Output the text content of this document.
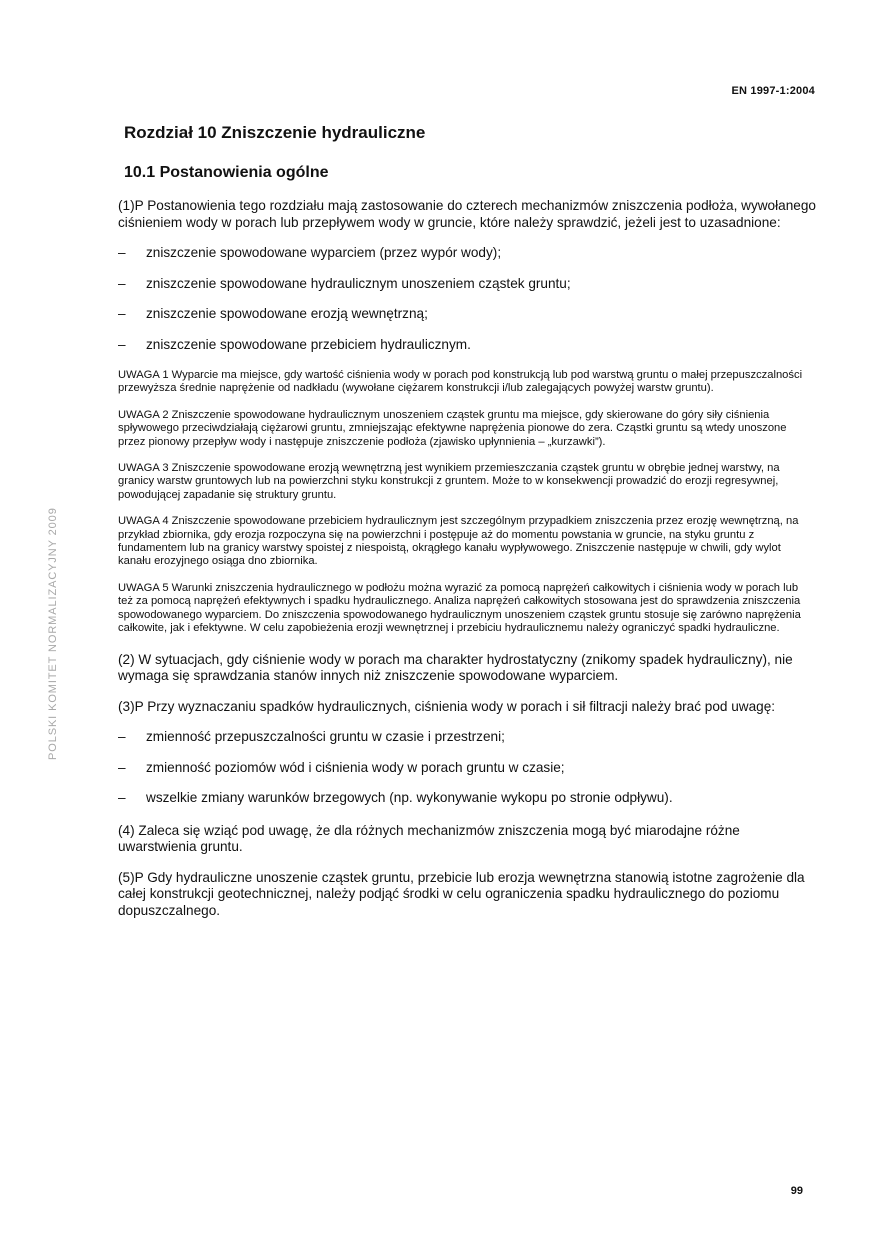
EN 1997-1:2004
POLSKI KOMITET NORMALIZACYJNY 2009
Rozdział 10 Zniszczenie hydrauliczne
10.1 Postanowienia ogólne

(1)P Postanowienia tego rozdziału mają zastosowanie do czterech mechanizmów zniszczenia podłoża, wywołanego ciśnieniem wody w porach lub przepływem wody w gruncie, które należy sprawdzić, jeżeli jest to uzasadnione:

–	zniszczenie spowodowane wyparciem (przez wypór wody);
–	zniszczenie spowodowane hydraulicznym unoszeniem cząstek gruntu;
–	zniszczenie spowodowane erozją wewnętrzną;
–	zniszczenie spowodowane przebiciem hydraulicznym.

UWAGA 1 Wyparcie ma miejsce, gdy wartość ciśnienia wody w porach pod konstrukcją lub pod warstwą gruntu o małej przepuszczalności przewyższa średnie naprężenie od nadkładu (wywołane ciężarem konstrukcji i/lub zalegających powyżej warstw gruntu).

UWAGA 2 Zniszczenie spowodowane hydraulicznym unoszeniem cząstek gruntu ma miejsce, gdy skierowane do góry siły ciśnienia spływowego przeciwdziałają ciężarowi gruntu, zmniejszając efektywne naprężenia pionowe do zera. Cząstki gruntu są wtedy unoszone przez pionowy przepływ wody i następuje zniszczenie podłoża (zjawisko upłynnienia – „kurzawki”).

UWAGA 3 Zniszczenie spowodowane erozją wewnętrzną jest wynikiem przemieszczania cząstek gruntu w obrębie jednej warstwy, na granicy warstw gruntowych lub na powierzchni styku konstrukcji z gruntem. Może to w konsekwencji prowadzić do erozji regresywnej, powodującej zapadanie się struktury gruntu.

UWAGA 4 Zniszczenie spowodowane przebiciem hydraulicznym jest szczególnym przypadkiem zniszczenia przez erozję wewnętrzną, na przykład zbiornika, gdy erozja rozpoczyna się na powierzchni i postępuje aż do momentu powstania w gruncie, na styku gruntu z fundamentem lub na granicy warstwy spoistej z niespoistą, okrągłego kanału wypływowego. Zniszczenie następuje w chwili, gdy wylot kanału erozyjnego osiąga dno zbiornika.

UWAGA 5 Warunki zniszczenia hydraulicznego w podłożu można wyrazić za pomocą naprężeń całkowitych i ciśnienia wody w porach lub też za pomocą naprężeń efektywnych i spadku hydraulicznego. Analiza naprężeń całkowitych stosowana jest do sprawdzenia zniszczenia spowodowanego wyparciem. Do zniszczenia spowodowanego hydraulicznym unoszeniem cząstek gruntu stosuje się zarówno naprężenia całkowite, jak i efektywne. W celu zapobieżenia erozji wewnętrznej i przebiciu hydraulicznemu należy ograniczyć spadki hydrauliczne.

(2) W sytuacjach, gdy ciśnienie wody w porach ma charakter hydrostatyczny (znikomy spadek hydrauliczny), nie wymaga się sprawdzania stanów innych niż zniszczenie spowodowane wyparciem.

(3)P Przy wyznaczaniu spadków hydraulicznych, ciśnienia wody w porach i sił filtracji należy brać pod uwagę:

–	zmienność przepuszczalności gruntu w czasie i przestrzeni;
–	zmienność poziomów wód i ciśnienia wody w porach gruntu w czasie;
–	wszelkie zmiany warunków brzegowych (np. wykonywanie wykopu po stronie odpływu).

(4) Zaleca się wziąć pod uwagę, że dla różnych mechanizmów zniszczenia mogą być miarodajne różne uwarstwienia gruntu.

(5)P Gdy hydrauliczne unoszenie cząstek gruntu, przebicie lub erozja wewnętrzna stanowią istotne zagrożenie dla całej konstrukcji geotechnicznej, należy podjąć środki w celu ograniczenia spadku hydraulicznego do poziomu dopuszczalnego.

99
